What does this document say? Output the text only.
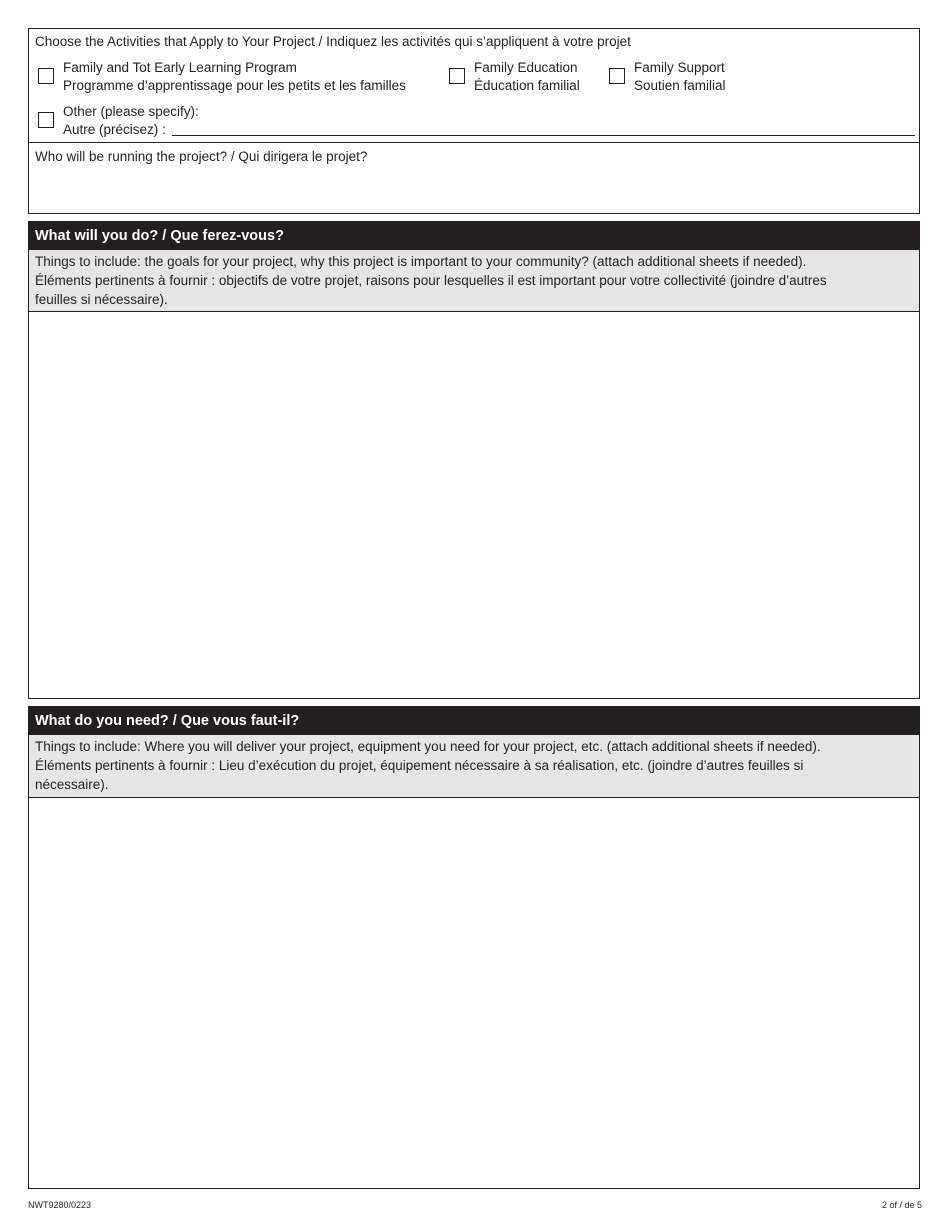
Choose the Activities that Apply to Your Project / Indiquez les activités qui s’appliquent à votre projet
Family and Tot Early Learning Program
Programme d’apprentissage pour les petits et les familles
Family Education
Éducation familial
Family Support
Soutien familial
Other (please specify):
Autre (précisez) :
Who will be running the project? / Qui dirigera le projet?
What will you do? / Que ferez-vous?
Things to include: the goals for your project, why this project is important to your community? (attach additional sheets if needed).
Éléments pertinents à fournir : objectifs de votre projet, raisons pour lesquelles il est important pour votre collectivité (joindre d’autres
feuilles si nécessaire).
What do you need? / Que vous faut-il?
Things to include: Where you will deliver your project, equipment you need for your project, etc. (attach additional sheets if needed).
Éléments pertinents à fournir : Lieu d’exécution du projet, équipement nécessaire à sa réalisation, etc. (joindre d’autres feuilles si
nécessaire).
NWT9280/0223	2 of / de 5
